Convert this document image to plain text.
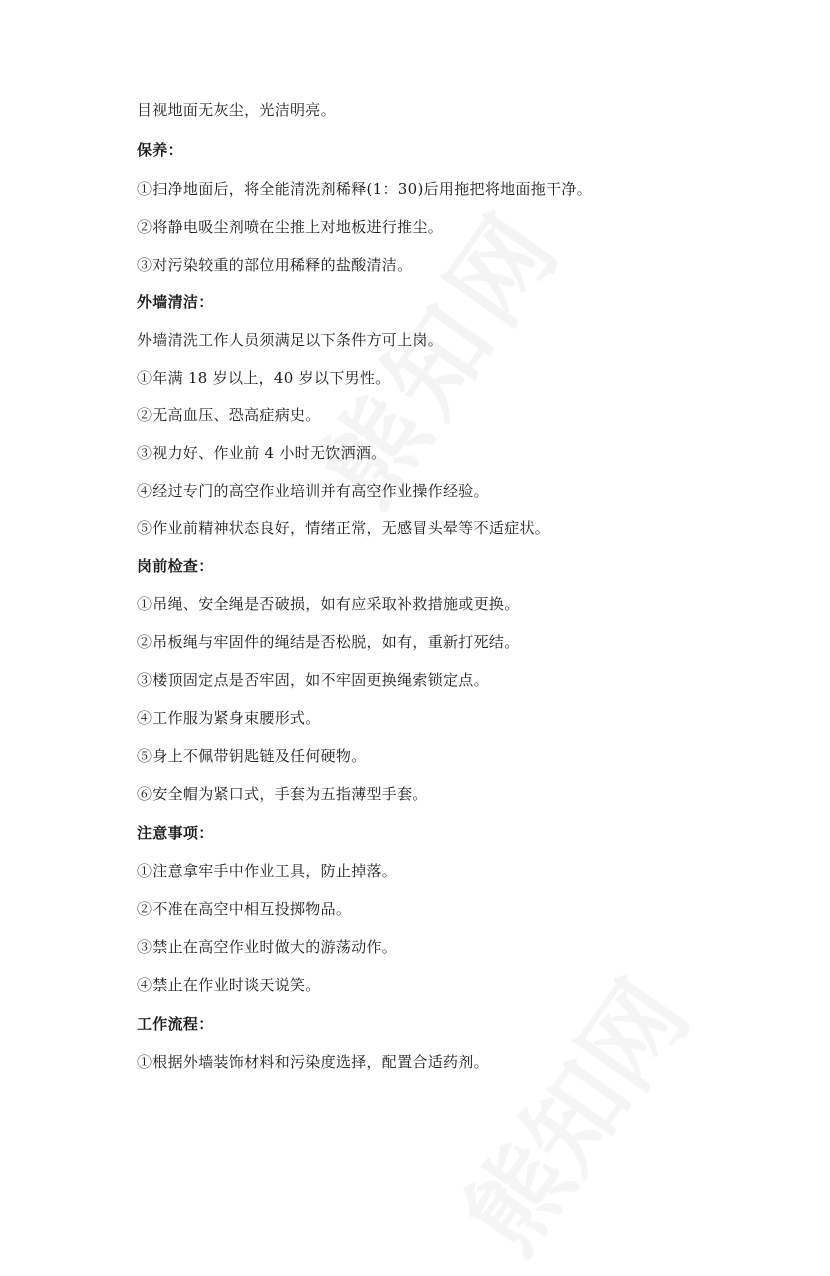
目视地面无灰尘，光洁明亮。
保养：
①扫净地面后，将全能清洗剂稀释(1：30)后用拖把将地面拖干净。
②将静电吸尘剂喷在尘推上对地板进行推尘。
③对污染较重的部位用稀释的盐酸清洁。
外墙清洁：
外墙清洗工作人员须满足以下条件方可上岗。
①年满 18 岁以上，40 岁以下男性。
②无高血压、恐高症病史。
③视力好、作业前 4 小时无饮洒酒。
④经过专门的高空作业培训并有高空作业操作经验。
⑤作业前精神状态良好，情绪正常，无感冒头晕等不适症状。
岗前检查：
①吊绳、安全绳是否破损，如有应采取补救措施或更换。
②吊板绳与牢固件的绳结是否松脱，如有，重新打死结。
③楼顶固定点是否牢固，如不牢固更换绳索锁定点。
④工作服为紧身束腰形式。
⑤身上不佩带钥匙链及任何硬物。
⑥安全帽为紧口式，手套为五指薄型手套。
注意事项：
①注意拿牢手中作业工具，防止掉落。
②不准在高空中相互投掷物品。
③禁止在高空作业时做大的游荡动作。
④禁止在作业时谈天说笑。
工作流程：
①根据外墙装饰材料和污染度选择，配置合适药剂。
